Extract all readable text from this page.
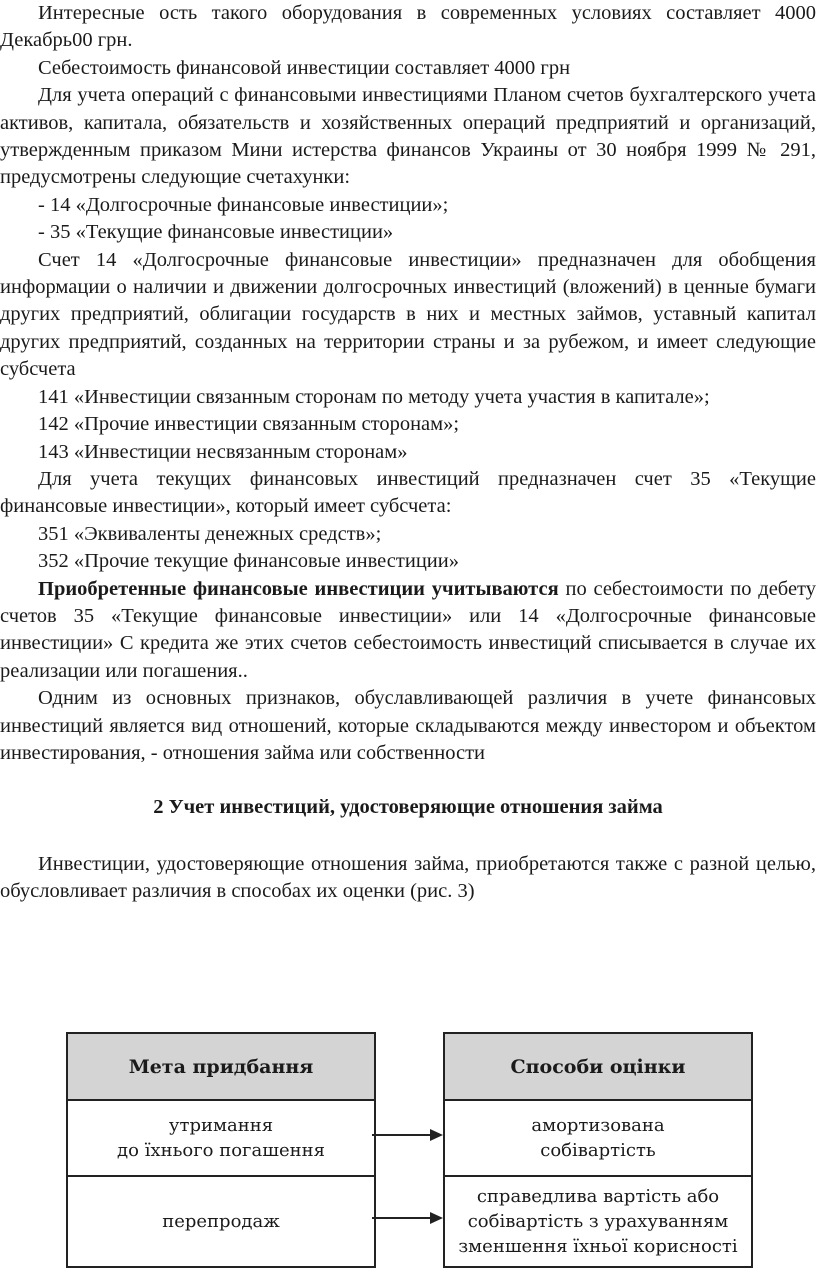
Интересные ость такого оборудования в современных условиях составляет 4000 Декабрь00 грн.

Себестоимость финансовой инвестиции составляет 4000 грн

Для учета операций с финансовыми инвестициями Планом счетов бухгалтерского учета активов, капитала, обязательств и хозяйственных операций предприятий и организаций, утвержденным приказом Мини истерства финансов Украины от 30 ноября 1999 № 291, предусмотрены следующие счетахунки:

- 14 «Долгосрочные финансовые инвестиции»;

- 35 «Текущие финансовые инвестиции»

Счет 14 «Долгосрочные финансовые инвестиции» предназначен для обобщения информации о наличии и движении долгосрочных инвестиций (вложений) в ценные бумаги других предприятий, облигации государств в них и местных займов, уставный капитал других предприятий, созданных на территории страны и за рубежом, и имеет следующие субсчета

141 «Инвестиции связанным сторонам по методу учета участия в капитале»;

142 «Прочие инвестиции связанным сторонам»;

143 «Инвестиции несвязанным сторонам»

Для учета текущих финансовых инвестиций предназначен счет 35 «Текущие финансовые инвестиции», который имеет субсчета:

351 «Эквиваленты денежных средств»;

352 «Прочие текущие финансовые инвестиции»

Приобретенные финансовые инвестиции учитываются по себестоимости по дебету счетов 35 «Текущие финансовые инвестиции» или 14 «Долгосрочные финансовые инвестиции» С кредита же этих счетов себестоимость инвестиций списывается в случае их реализации или погашения..

Одним из основных признаков, обуславливающей различия в учете финансовых инвестиций является вид отношений, которые складываются между инвестором и объектом инвестирования, - отношения займа или собственности

2 Учет инвестиций, удостоверяющие отношения займа

Инвестиции, удостоверяющие отношения займа, приобретаются также с разной целью, обусловливает различия в способах их оценки (рис. 3)

Мета придбання
утримання
до їхнього погашення
перепродаж
Способи оцінки
амортизована
собівартість
справедлива вартість або
собівартість з урахуванням
зменшення їхньої корисності
